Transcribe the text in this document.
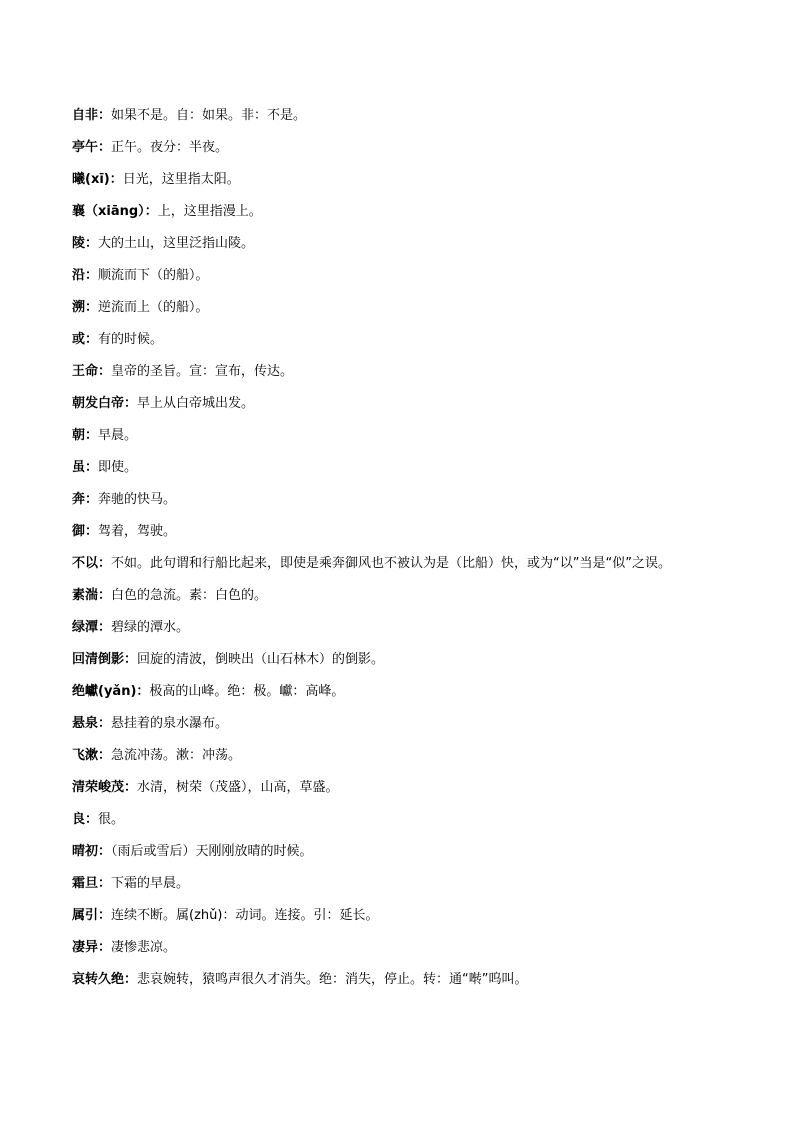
自非：如果不是。自：如果。非：不是。
亭午：正午。夜分：半夜。
曦(xī)：日光，这里指太阳。
襄（xiāng）：上，这里指漫上。
陵：大的土山，这里泛指山陵。
沿：顺流而下（的船）。
溯：逆流而上（的船）。
或：有的时候。
王命：皇帝的圣旨。宣：宣布，传达。
朝发白帝：早上从白帝城出发。
朝：早晨。
虽：即使。
奔：奔驰的快马。
御：驾着，驾驶。
不以：不如。此句谓和行船比起来，即使是乘奔御风也不被认为是（比船）快，或为“以”当是“似”之误。
素湍：白色的急流。素：白色的。
绿潭：碧绿的潭水。
回清倒影：回旋的清波，倒映出（山石林木）的倒影。
绝巘(yǎn)：极高的山峰。绝：极。巘：高峰。
悬泉：悬挂着的泉水瀑布。
飞漱：急流冲荡。漱：冲荡。
清荣峻茂：水清，树荣（茂盛），山高，草盛。
良：很。
晴初：（雨后或雪后）天刚刚放晴的时候。
霜旦：下霜的早晨。
属引：连续不断。属(zhǔ)：动词。连接。引：延长。
凄异：凄惨悲凉。
哀转久绝：悲哀婉转，猿鸣声很久才消失。绝：消失，停止。转：通“啭”呜叫。
